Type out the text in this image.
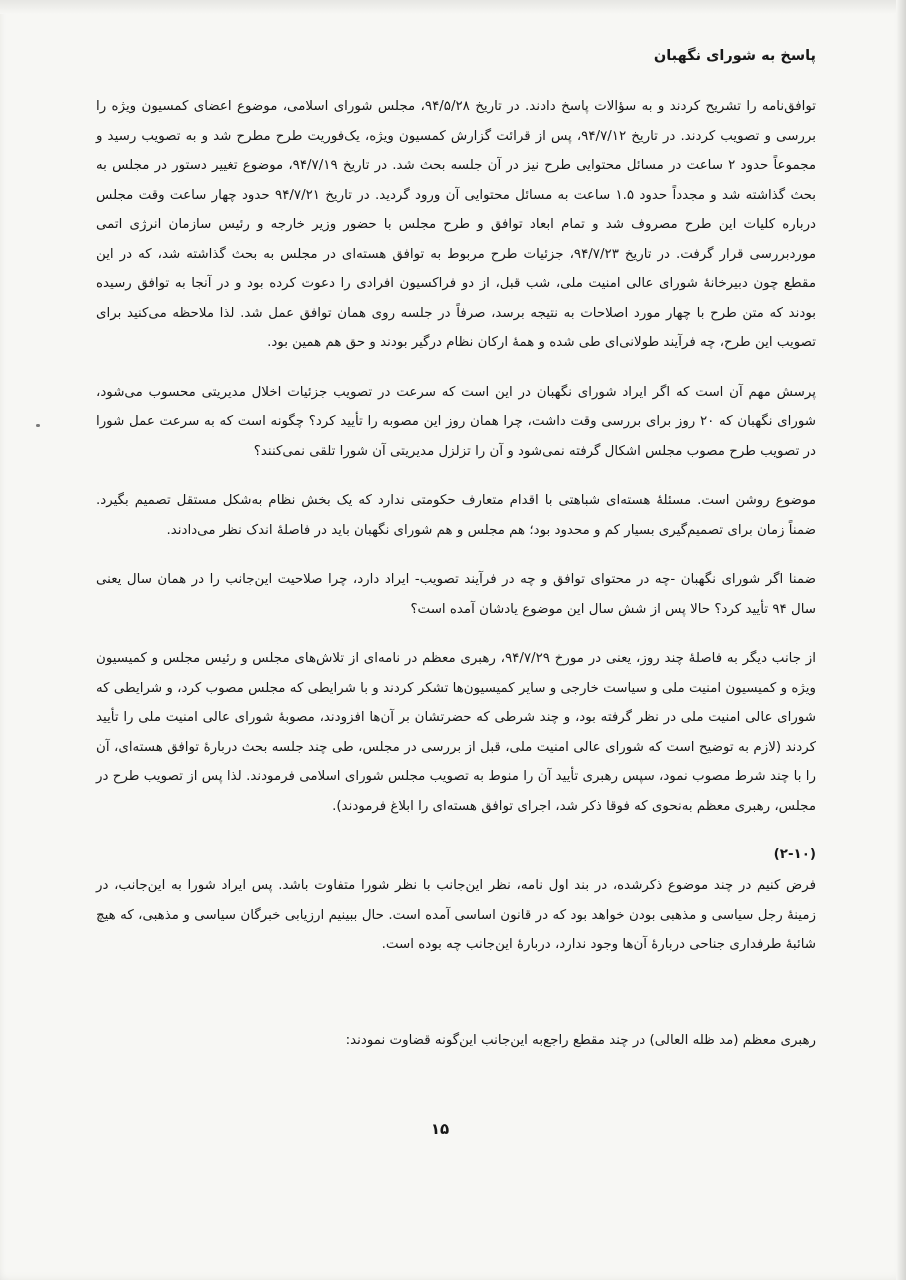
پاسخ به شورای نگهبان

توافق‌نامه را تشریح کردند و به سؤالات پاسخ دادند. در تاریخ ۹۴/۵/۲۸، مجلس شورای اسلامی، موضوع اعضای کمسیون ویژه را بررسی و تصویب کردند. در تاریخ ۹۴/۷/۱۲، پس از قرائت گزارش کمسیون ویژه، یک‌فوریت طرح مطرح شد و به تصویب رسید و مجموعاً حدود ۲ ساعت در مسائل محتوایی طرح نیز در آن جلسه بحث شد. در تاریخ ۹۴/۷/۱۹، موضوع تغییر دستور در مجلس به بحث گذاشته شد و مجدداً حدود ۱.۵ ساعت به مسائل محتوایی آن ورود گردید. در تاریخ ۹۴/۷/۲۱ حدود چهار ساعت وقت مجلس درباره کلیات این طرح مصروف شد و تمام ابعاد توافق و طرح مجلس با حضور وزیر خارجه و رئیس سازمان انرژی اتمی موردبررسی قرار گرفت. در تاریخ ۹۴/۷/۲۳، جزئیات طرح مربوط به توافق هسته‌ای در مجلس به بحث گذاشته شد، که در این مقطع چون دبیرخانهٔ شورای عالی امنیت ملی، شب قبل، از دو فراکسیون افرادی را دعوت کرده بود و در آنجا به توافق رسیده بودند که متن طرح با چهار مورد اصلاحات به نتیجه برسد، صرفاً در جلسه روی همان توافق عمل شد. لذا ملاحظه می‌کنید برای تصویب این طرح، چه فرآیند طولانی‌ای طی شده و همهٔ ارکان نظام درگیر بودند و حق هم همین بود.

پرسش مهم آن است که اگر ایراد شورای نگهبان در این است که سرعت در تصویب جزئیات اخلال مدیریتی محسوب می‌شود، شورای نگهبان که ۲۰ روز برای بررسی وقت داشت، چرا همان روز این مصوبه را تأیید کرد؟ چگونه است که به سرعت عمل شورا در تصویب طرح مصوب مجلس اشکال گرفته نمی‌شود و آن را تزلزل مدیریتی آن شورا تلقی نمی‌کنند؟

موضوع روشن است. مسئلهٔ هسته‌ای شباهتی با اقدام متعارف حکومتی ندارد که یک بخش نظام به‌شکل مستقل تصمیم بگیرد. ضمناً زمان برای تصمیم‌گیری بسیار کم و محدود بود؛ هم مجلس و هم شورای نگهبان باید در فاصلهٔ اندک نظر می‌دادند.

ضمنا اگر شورای نگهبان -چه در محتوای توافق و چه در فرآیند تصویب- ایراد دارد، چرا صلاحیت این‌جانب را در همان سال یعنی سال ۹۴ تأیید کرد؟ حالا پس از شش سال این موضوع یادشان آمده است؟

از جانب دیگر به فاصلهٔ چند روز، یعنی در مورخ ۹۴/۷/۲۹، رهبری معظم در نامه‌ای از تلاش‌های مجلس و رئیس مجلس و کمیسیون ویژه و کمیسیون امنیت ملی و سیاست خارجی و سایر کمیسیون‌ها تشکر کردند و با شرایطی که مجلس مصوب کرد، و شرایطی که شورای عالی امنیت ملی در نظر گرفته بود، و چند شرطی که حضرتشان بر آن‌ها افزودند، مصوبهٔ شورای عالی امنیت ملی را تأیید کردند (لازم به توضیح است که شورای عالی امنیت ملی، قبل از بررسی در مجلس، طی چند جلسه بحث دربارهٔ توافق هسته‌ای، آن را با چند شرط مصوب نمود، سپس رهبری تأیید آن را منوط به تصویب مجلس شورای اسلامی فرمودند. لذا پس از تصویب طرح در مجلس، رهبری معظم به‌نحوی که فوقا ذکر شد، اجرای توافق هسته‌ای را ابلاغ فرمودند).

(۲-۱۰)

فرض کنیم در چند موضوع ذکرشده، در بند اول نامه، نظر این‌جانب با نظر شورا متفاوت باشد. پس ایراد شورا به این‌جانب، در زمینهٔ رجل سیاسی و مذهبی بودن خواهد بود که در قانون اساسی آمده است. حال ببینیم ارزیابی خبرگان سیاسی و مذهبی، که هیچ شائبهٔ طرفداری جناحی دربارهٔ آن‌ها وجود ندارد، دربارهٔ این‌جانب چه بوده است.

رهبری معظم (مد ظله العالی) در چند مقطع راجع‌به این‌جانب این‌گونه قضاوت نمودند:

۱۵
